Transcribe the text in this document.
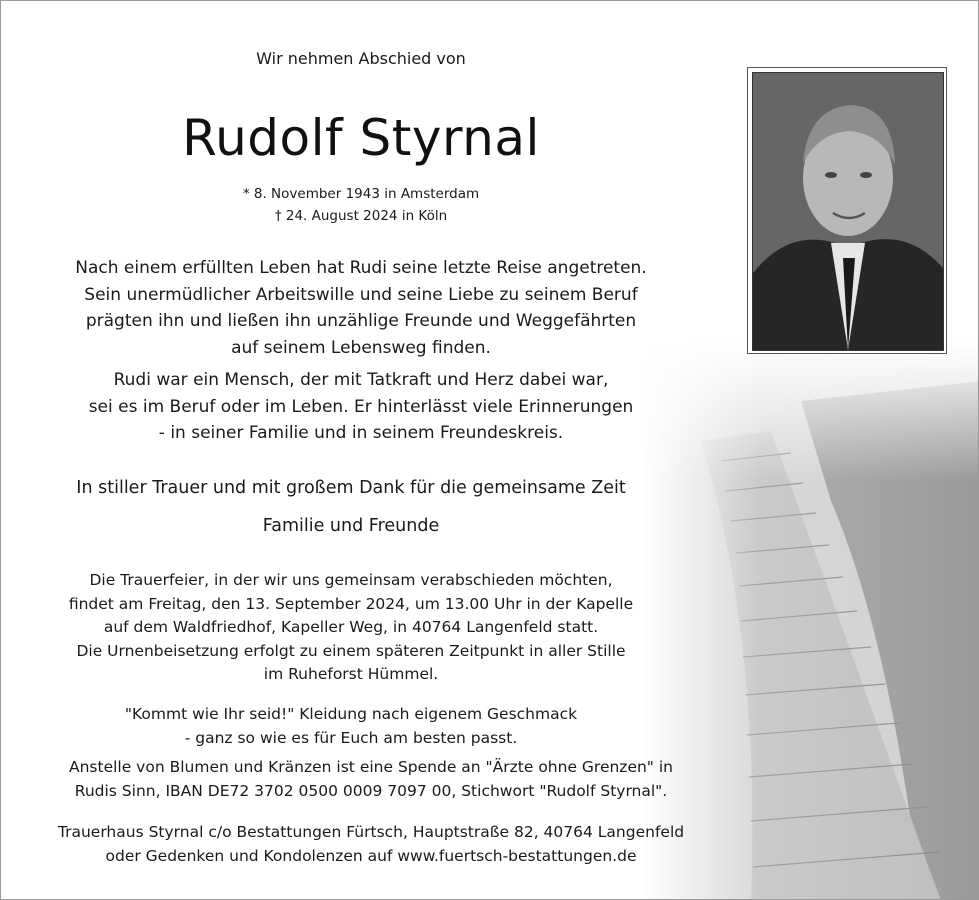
Wir nehmen Abschied von
Rudolf Styrnal
* 8. November 1943 in Amsterdam
† 24. August 2024 in Köln
Nach einem erfüllten Leben hat Rudi seine letzte Reise angetreten.
Sein unermüdlicher Arbeitswille und seine Liebe zu seinem Beruf
prägten ihn und ließen ihn unzählige Freunde und Weggefährten
auf seinem Lebensweg finden.
Rudi war ein Mensch, der mit Tatkraft und Herz dabei war,
sei es im Beruf oder im Leben. Er hinterlässt viele Erinnerungen
- in seiner Familie und in seinem Freundeskreis.
In stiller Trauer und mit großem Dank für die gemeinsame Zeit
Familie und Freunde
Die Trauerfeier, in der wir uns gemeinsam verabschieden möchten,
findet am Freitag, den 13. September 2024, um 13.00 Uhr in der Kapelle
auf dem Waldfriedhof, Kapeller Weg, in 40764 Langenfeld statt.
Die Urnenbeisetzung erfolgt zu einem späteren Zeitpunkt in aller Stille
im Ruheforst Hümmel.
"Kommt wie Ihr seid!" Kleidung nach eigenem Geschmack
- ganz so wie es für Euch am besten passt.
Anstelle von Blumen und Kränzen ist eine Spende an "Ärzte ohne Grenzen" in
Rudis Sinn, IBAN DE72 3702 0500 0009 7097 00, Stichwort "Rudolf Styrnal".
Trauerhaus Styrnal c/o Bestattungen Fürtsch, Hauptstraße 82, 40764 Langenfeld
oder Gedenken und Kondolenzen auf www.fuertsch-bestattungen.de
